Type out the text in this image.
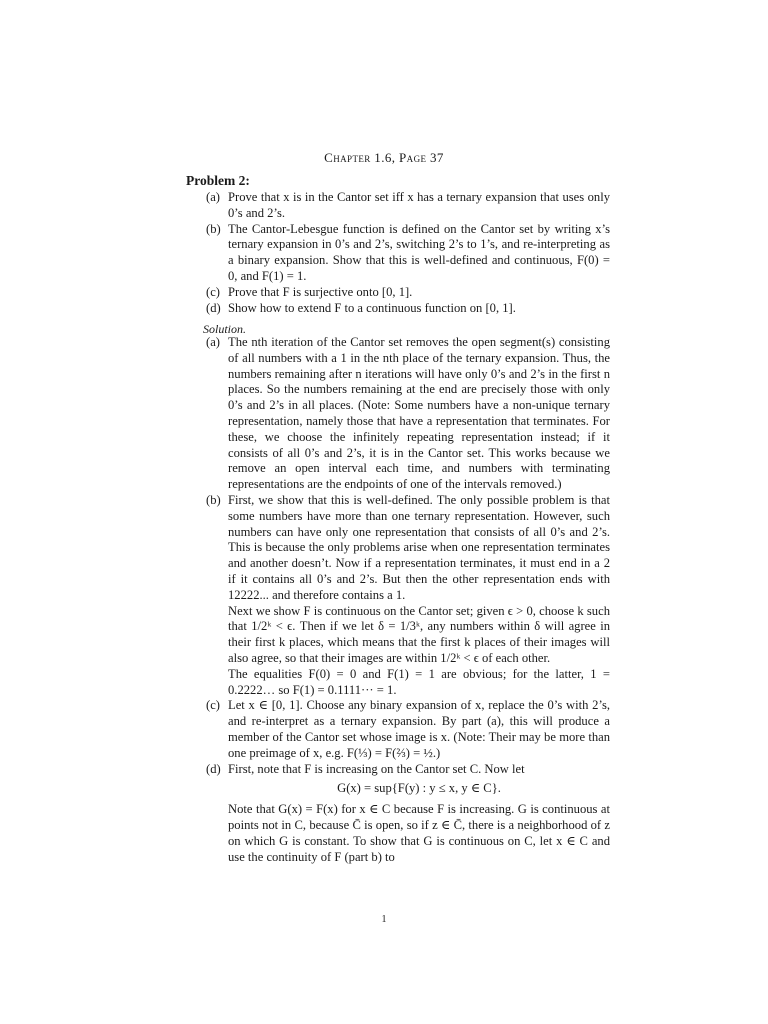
Chapter 1.6, Page 37
Problem 2:
(a) Prove that x is in the Cantor set iff x has a ternary expansion that uses only 0’s and 2’s.
(b) The Cantor-Lebesgue function is defined on the Cantor set by writing x’s ternary expansion in 0’s and 2’s, switching 2’s to 1’s, and re-interpreting as a binary expansion. Show that this is well-defined and continuous, F(0) = 0, and F(1) = 1.
(c) Prove that F is surjective onto [0, 1].
(d) Show how to extend F to a continuous function on [0, 1].
Solution.
(a) The nth iteration of the Cantor set removes the open segment(s) consisting of all numbers with a 1 in the nth place of the ternary expansion. Thus, the numbers remaining after n iterations will have only 0’s and 2’s in the first n places. So the numbers remaining at the end are precisely those with only 0’s and 2’s in all places. (Note: Some numbers have a non-unique ternary representation, namely those that have a representation that terminates. For these, we choose the infinitely repeating representation instead; if it consists of all 0’s and 2’s, it is in the Cantor set. This works because we remove an open interval each time, and numbers with terminating representations are the endpoints of one of the intervals removed.)

(b) First, we show that this is well-defined. The only possible problem is that some numbers have more than one ternary representation. However, such numbers can have only one representation that consists of all 0’s and 2’s. This is because the only problems arise when one representation terminates and another doesn’t. Now if a representation terminates, it must end in a 2 if it contains all 0’s and 2’s. But then the other representation ends with 12222... and therefore contains a 1.

Next we show F is continuous on the Cantor set; given ϵ > 0, choose k such that 1/2ᵏ < ϵ. Then if we let δ = 1/3ᵏ, any numbers within δ will agree in their first k places, which means that the first k places of their images will also agree, so that their images are within 1/2ᵏ < ϵ of each other.

The equalities F(0) = 0 and F(1) = 1 are obvious; for the latter, 1 = 0.2222… so F(1) = 0.1111··· = 1.

(c) Let x ∈ [0, 1]. Choose any binary expansion of x, replace the 0’s with 2’s, and re-interpret as a ternary expansion. By part (a), this will produce a member of the Cantor set whose image is x. (Note: Their may be more than one preimage of x, e.g. F(⅓) = F(⅔) = ½.)

(d) First, note that F is increasing on the Cantor set C. Now let

G(x) = sup{F(y) : y ≤ x, y ∈ C}.

Note that G(x) = F(x) for x ∈ C because F is increasing. G is continuous at points not in C, because C̄ is open, so if z ∈ C̄, there is a neighborhood of z on which G is constant. To show that G is continuous on C, let x ∈ C and use the continuity of F (part b) to

1
